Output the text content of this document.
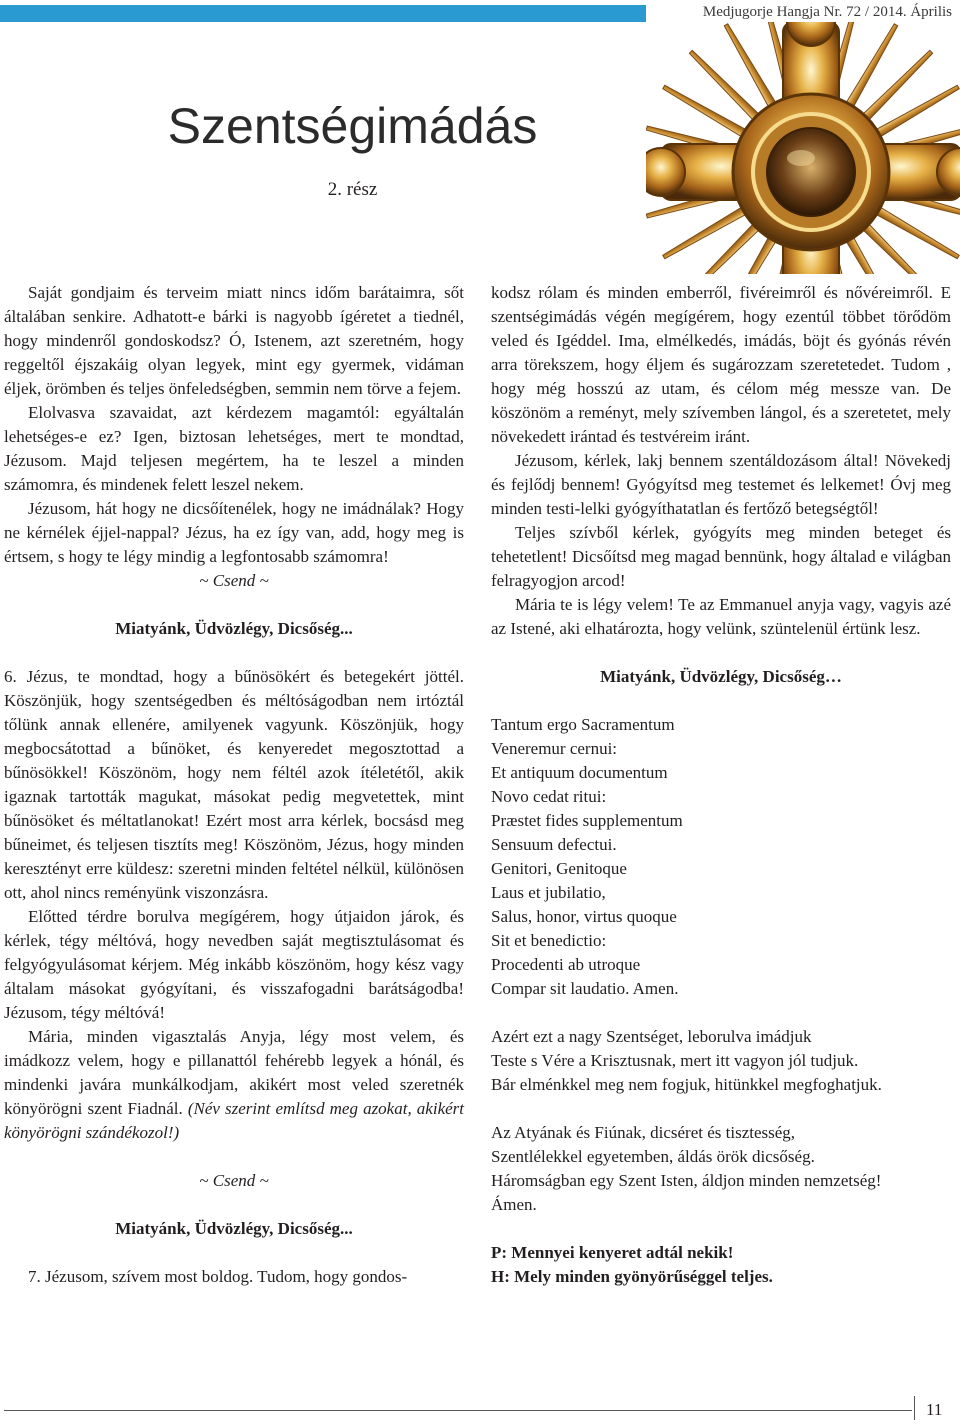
Medjugorje Hangja Nr. 72 / 2014. Április
Szentségimádás
2. rész

Saját gondjaim és terveim miatt nincs időm barátaimra, sőt általában senkire. Adhatott-e bárki is nagyobb ígéretet a tiednél, hogy mindenről gondoskodsz? Ó, Istenem, azt szeretném, hogy reggeltől éjszakáig olyan legyek, mint egy gyermek, vidáman éljek, örömben és teljes önfeledségben, semmin nem törve a fejem.

Elolvasva szavaidat, azt kérdezem magamtól: egyáltalán lehetséges-e ez? Igen, biztosan lehetséges, mert te mondtad, Jézusom. Majd teljesen megértem, ha te leszel a minden számomra, és mindenek felett leszel nekem.

Jézusom, hát hogy ne dicsőítenélek, hogy ne imádnálak? Hogy ne kérnélek éjjel-nappal? Jézus, ha ez így van, add, hogy meg is értsem, s hogy te légy mindig a legfontosabb számomra!

~ Csend ~

Miatyánk, Üdvözlégy, Dicsőség...

6. Jézus, te mondtad, hogy a bűnösökért és betegekért jöttél. Köszönjük, hogy szentségedben és méltóságodban nem irtóztál tőlünk annak ellenére, amilyenek vagyunk. Köszönjük, hogy megbocsátottad a bűnöket, és kenyeredet megosztottad a bűnösökkel! Köszönöm, hogy nem féltél azok ítéletétől, akik igaznak tartották magukat, másokat pedig megvetettek, mint bűnösöket és méltatlanokat! Ezért most arra kérlek, bocsásd meg bűneimet, és teljesen tisztíts meg! Köszönöm, Jézus, hogy minden keresztényt erre küldesz: szeretni minden feltétel nélkül, különösen ott, ahol nincs reményünk viszonzásra.

Előtted térdre borulva megígérem, hogy útjaidon járok, és kérlek, tégy méltóvá, hogy nevedben saját megtisztulásomat és felgyógyulásomat kérjem. Még inkább köszönöm, hogy kész vagy általam másokat gyógyítani, és visszafogadni barátságodba! Jézusom, tégy méltóvá!

Mária, minden vigasztalás Anyja, légy most velem, és imádkozz velem, hogy e pillanattól fehérebb legyek a hónál, és mindenki javára munkálkodjam, akikért most veled szeretnék könyörögni szent Fiadnál. (Név szerint említsd meg azokat, akikért könyörögni szándékozol!)

~ Csend ~

Miatyánk, Üdvözlégy, Dicsőség...

7. Jézusom, szívem most boldog. Tudom, hogy gondos-

kodsz rólam és minden emberről, fivéreimről és nővéreimről. E szentségimádás végén megígérem, hogy ezentúl többet törődöm veled és Igéddel. Ima, elmélkedés, imádás, böjt és gyónás révén arra törekszem, hogy éljem és sugározzam szeretetedet. Tudom , hogy még hosszú az utam, és célom még messze van. De köszönöm a reményt, mely szívemben lángol, és a szeretetet, mely növekedett irántad és testvéreim iránt.

Jézusom, kérlek, lakj bennem szentáldozásom által! Növekedj és fejlődj bennem! Gyógyítsd meg testemet és lelkemet! Óvj meg minden testi-lelki gyógyíthatatlan és fertőző betegségtől!

Teljes szívből kérlek, gyógyíts meg minden beteget és tehetetlent! Dicsőítsd meg magad bennünk, hogy általad e világban felragyogjon arcod!

Mária te is légy velem! Te az Emmanuel anyja vagy, vagyis azé az Istené, aki elhatározta, hogy velünk, szüntelenül értünk lesz.

Miatyánk, Üdvözlégy, Dicsőség…

Tantum ergo Sacramentum

Veneremur cernui:

Et antiquum documentum

Novo cedat ritui:

Præstet fides supplementum

Sensuum defectui.

Genitori, Genitoque

Laus et jubilatio,

Salus, honor, virtus quoque

Sit et benedictio:

Procedenti ab utroque

Compar sit laudatio. Amen.

Azért ezt a nagy Szentséget, leborulva imádjuk

Teste s Vére a Krisztusnak, mert itt vagyon jól tudjuk.

Bár elménkkel meg nem fogjuk, hitünkkel megfoghatjuk.

Az Atyának és Fiúnak, dicséret és tisztesség,

Szentlélekkel egyetemben, áldás örök dicsőség.

Háromságban egy Szent Isten, áldjon minden nemzetség!

Ámen.

P: Mennyei kenyeret adtál nekik!

H: Mely minden gyönyörűséggel teljes.

11
